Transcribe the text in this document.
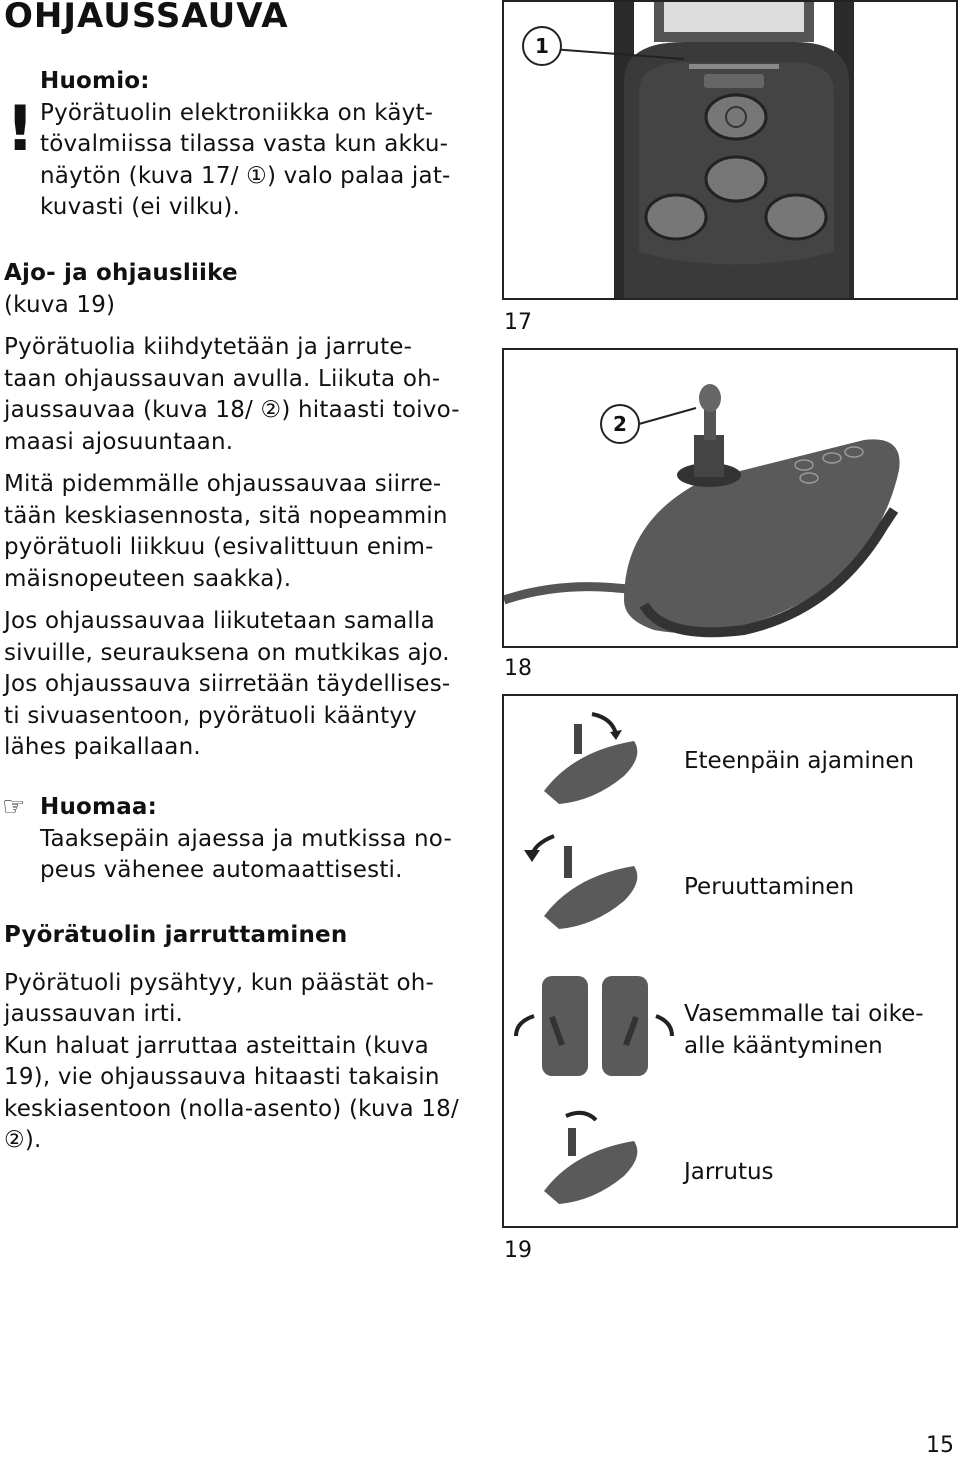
OHJAUSSAUVA
!
Huomio:
Pyörätuolin elektroniikka on käyt-
tövalmiissa tilassa vasta kun akku-
näytön (kuva 17/ ①) valo palaa jat-
kuvasti (ei vilku).
Ajo- ja ohjausliike
(kuva 19)
Pyörätuolia kiihdytetään ja jarrute-
taan ohjaussauvan avulla. Liikuta oh-
jaussauvaa (kuva 18/ ②) hitaasti toivo-
maasi ajosuuntaan.
Mitä pidemmälle ohjaussauvaa siirre-
tään keskiasennosta, sitä nopeammin
pyörätuoli liikkuu (esivalittuun enim-
mäisnopeuteen saakka).
Jos ohjaussauvaa liikutetaan samalla
sivuille, seurauksena on mutkikas ajo.
Jos ohjaussauva siirretään täydellises-
ti sivuasentoon, pyörätuoli kääntyy
lähes paikallaan.
☞ Huomaa:
Taaksepäin ajaessa ja mutkissa no-
peus vähenee automaattisesti.
Pyörätuolin jarruttaminen
Pyörätuoli pysähtyy, kun päästät oh-
jaussauvan irti.
Kun haluat jarruttaa asteittain (kuva
19), vie ohjaussauva hitaasti takaisin
keskiasentoon (nolla-asento) (kuva 18/
②).
1
17
2
18
Eteenpäin ajaminen
Peruuttaminen
Vasemmalle tai oike-
alle kääntyminen
Jarrutus
19
15
